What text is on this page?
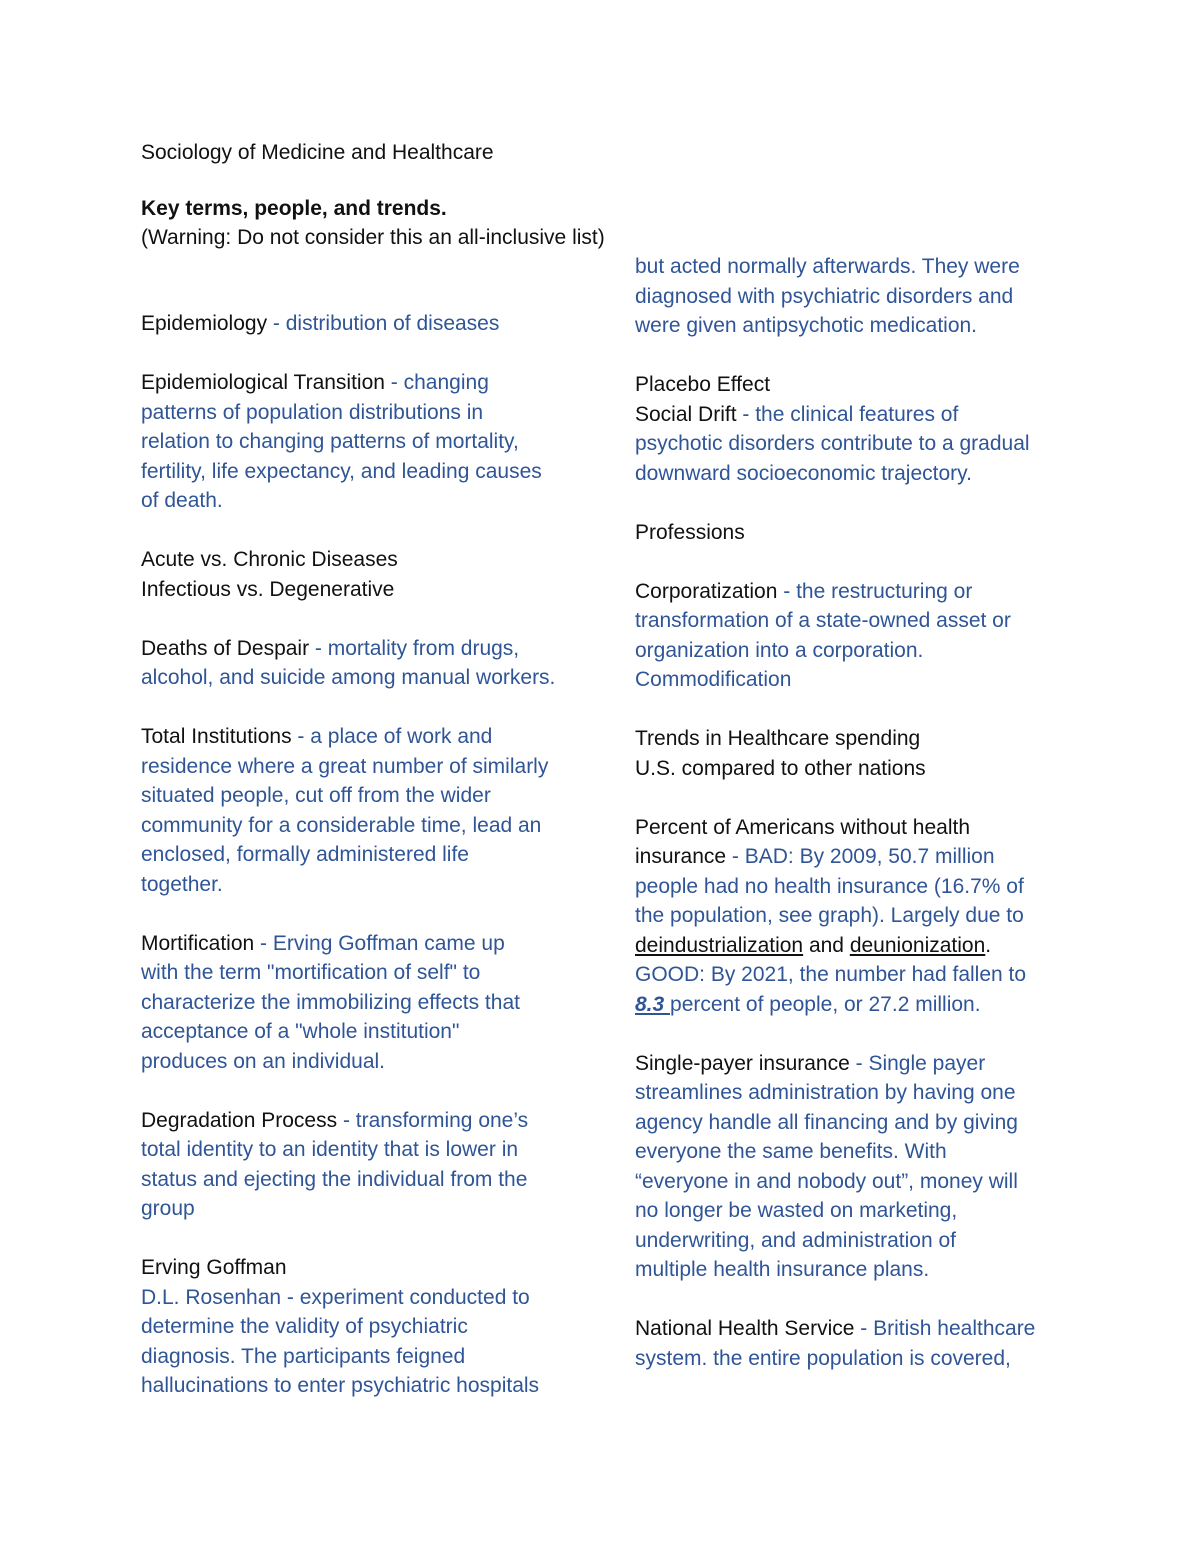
Sociology of Medicine and Healthcare
Key terms, people, and trends.
(Warning: Do not consider this an all-inclusive list)
Epidemiology - distribution of diseases
Epidemiological Transition - changing
patterns of population distributions in
relation to changing patterns of mortality,
fertility, life expectancy, and leading causes
of death.
Acute vs. Chronic Diseases
Infectious vs. Degenerative
Deaths of Despair - mortality from drugs,
alcohol, and suicide among manual workers.
Total Institutions - a place of work and
residence where a great number of similarly
situated people, cut off from the wider
community for a considerable time, lead an
enclosed, formally administered life
together.
Mortification - Erving Goffman came up
with the term "mortification of self" to
characterize the immobilizing effects that
acceptance of a "whole institution"
produces on an individual.
Degradation Process - transforming one’s
total identity to an identity that is lower in
status and ejecting the individual from the
group
Erving Goffman
D.L. Rosenhan - experiment conducted to
determine the validity of psychiatric
diagnosis. The participants feigned
hallucinations to enter psychiatric hospitals
but acted normally afterwards. They were
diagnosed with psychiatric disorders and
were given antipsychotic medication.
Placebo Effect
Social Drift - the clinical features of
psychotic disorders contribute to a gradual
downward socioeconomic trajectory.
Professions
Corporatization - the restructuring or
transformation of a state-owned asset or
organization into a corporation.
Commodification
Trends in Healthcare spending
U.S. compared to other nations
Percent of Americans without health
insurance - BAD: By 2009, 50.7 million
people had no health insurance (16.7% of
the population, see graph). Largely due to
deindustrialization and deunionization.
GOOD: By 2021, the number had fallen to
8.3 percent of people, or 27.2 million.
Single-payer insurance - Single payer
streamlines administration by having one
agency handle all financing and by giving
everyone the same benefits. With
“everyone in and nobody out”, money will
no longer be wasted on marketing,
underwriting, and administration of
multiple health insurance plans.
National Health Service - British healthcare
system. the entire population is covered,
